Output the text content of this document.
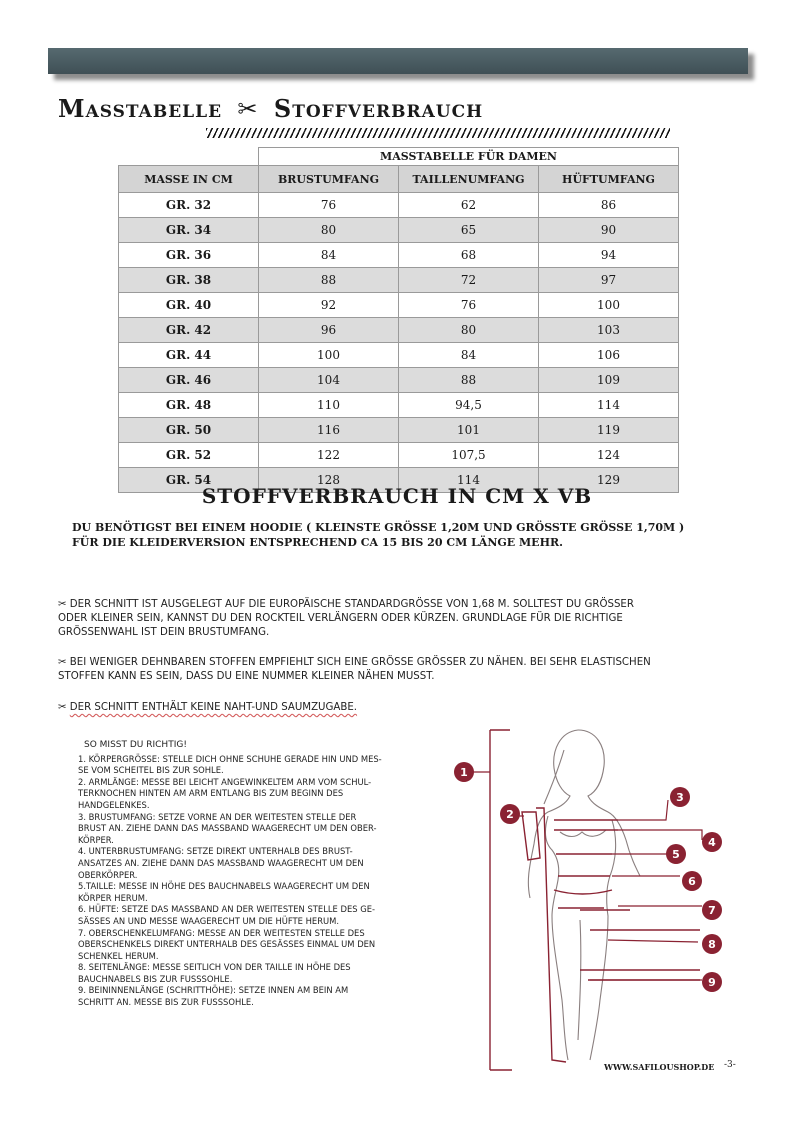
Masstabelle ✂ Stoffverbrauch
	MASSTABELLE FÜR DAMEN		
MASSE IN CM	BRUSTUMFANG	TAILLENUMFANG	HÜFTUMFANG
GR. 32	76	62	86
GR. 34	80	65	90
GR. 36	84	68	94
GR. 38	88	72	97
GR. 40	92	76	100
GR. 42	96	80	103
GR. 44	100	84	106
GR. 46	104	88	109
GR. 48	110	94,5	114
GR. 50	116	101	119
GR. 52	122	107,5	124
GR. 54	128	114	129
STOFFVERBRAUCH IN CM X VB
DU BENÖTIGST BEI EINEM HOODIE ( KLEINSTE GRÖSSE 1,20M UND GRÖSSTE GRÖSSE 1,70M )
FÜR DIE KLEIDERVERSION ENTSPRECHEND CA 15 BIS 20 CM LÄNGE MEHR.
✂ DER SCHNITT IST AUSGELEGT AUF DIE EUROPÄISCHE STANDARDGRÖSSE VON 1,68 M. SOLLTEST DU GRÖSSER
ODER KLEINER SEIN, KANNST DU DEN ROCKTEIL VERLÄNGERN ODER KÜRZEN. GRUNDLAGE FÜR DIE RICHTIGE
GRÖSSENWAHL IST DEIN BRUSTUMFANG.
✂ BEI WENIGER DEHNBAREN STOFFEN EMPFIEHLT SICH EINE GRÖSSE GRÖSSER ZU NÄHEN. BEI SEHR ELASTISCHEN
STOFFEN KANN ES SEIN, DASS DU EINE NUMMER KLEINER NÄHEN MUSST.
✂ DER SCHNITT ENTHÄLT KEINE NAHT-UND SAUMZUGABE.
SO MISST DU RICHTIG!
1. KÖRPERGRÖSSE: STELLE DICH OHNE SCHUHE GERADE HIN UND MES-
SE VOM SCHEITEL BIS ZUR SOHLE.
2. ARMLÄNGE: MESSE BEI LEICHT ANGEWINKELTEM ARM VOM SCHUL-
TERKNOCHEN HINTEN AM ARM ENTLANG BIS ZUM BEGINN DES
HANDGELENKES.
3. BRUSTUMFANG: SETZE VORNE AN DER WEITESTEN STELLE DER
BRUST AN. ZIEHE DANN DAS MASSBAND WAAGERECHT UM DEN OBER-
KÖRPER.
4. UNTERBRUSTUMFANG: SETZE DIREKT UNTERHALB DES BRUST-
ANSATZES AN. ZIEHE DANN DAS MASSBAND WAAGERECHT UM DEN
OBERKÖRPER.
5.TAILLE: MESSE IN HÖHE DES BAUCHNABELS WAAGERECHT UM DEN
KÖRPER HERUM.
6. HÜFTE: SETZE DAS MASSBAND AN DER WEITESTEN STELLE DES GE-
SÄSSES AN UND MESSE WAAGERECHT UM DIE HÜFTE HERUM.
7. OBERSCHENKELUMFANG: MESSE AN DER WEITESTEN STELLE DES
OBERSCHENKELS DIREKT UNTERHALB DES GESÄSSES EINMAL UM DEN
SCHENKEL HERUM.
8. SEITENLÄNGE: MESSE SEITLICH VON DER TAILLE IN HÖHE DES
BAUCHNABELS BIS ZUR FUSSSOHLE.
9. BEININNENLÄNGE (SCHRITTHÖHE): SETZE INNEN AM BEIN AM
SCHRITT AN. MESSE BIS ZUR FUSSSOHLE.
1
2
3
4
5
6
7
8
9
WWW.SAFILOUSHOP.DE -3-
